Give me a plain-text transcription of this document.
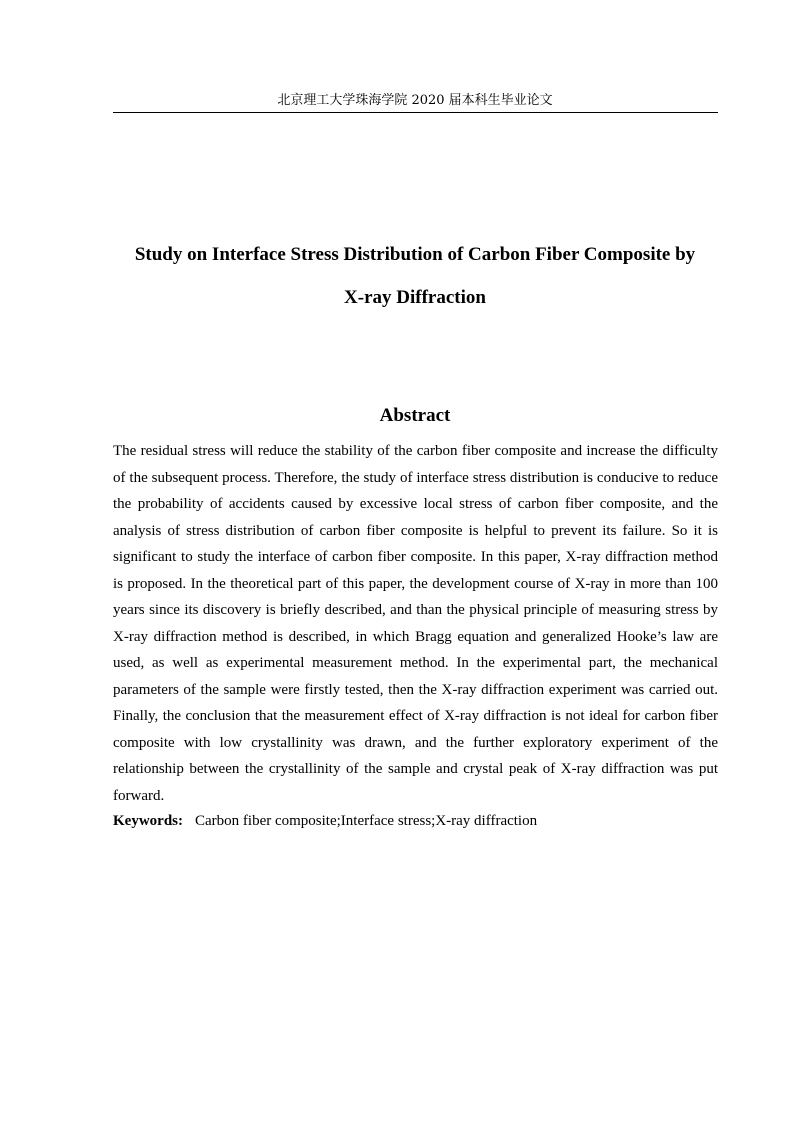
北京理工大学珠海学院 2020 届本科生毕业论文
Study on Interface Stress Distribution of Carbon Fiber Composite by
X-ray Diffraction
Abstract

The residual stress will reduce the stability of the carbon fiber composite and increase the difficulty of the subsequent process. Therefore, the study of interface stress distribution is conducive to reduce the probability of accidents caused by excessive local stress of carbon fiber composite, and the analysis of stress distribution of carbon fiber composite is helpful to prevent its failure. So it is significant to study the interface of carbon fiber composite. In this paper, X-ray diffraction method is proposed. In the theoretical part of this paper, the development course of X-ray in more than 100 years since its discovery is briefly described, and than the physical principle of measuring stress by X-ray diffraction method is described, in which Bragg equation and generalized Hooke’s law are used, as well as experimental measurement method. In the experimental part, the mechanical parameters of the sample were firstly tested, then the X-ray diffraction experiment was carried out. Finally, the conclusion that the measurement effect of X-ray diffraction is not ideal for carbon fiber composite with low crystallinity was drawn, and the further exploratory experiment of the relationship between the crystallinity of the sample and crystal peak of X-ray diffraction was put forward.

Keywords: Carbon fiber composite;Interface stress;X-ray diffraction
